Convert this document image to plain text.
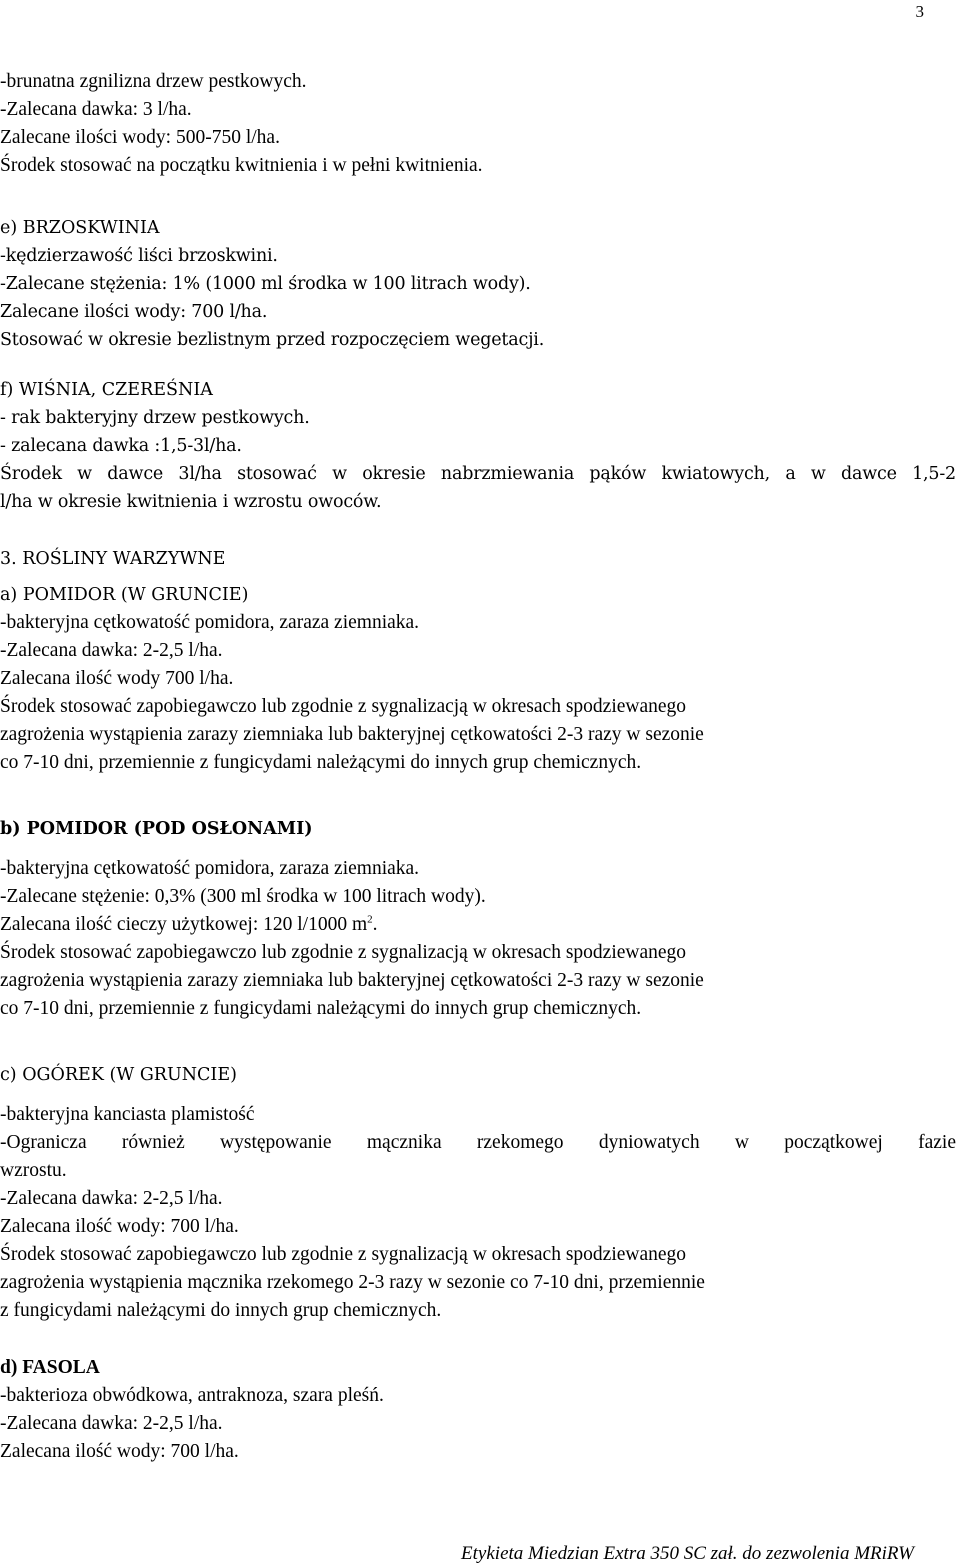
3

-brunatna zgnilizna drzew pestkowych.

-Zalecana dawka: 3 l/ha.

Zalecane ilości wody: 500-750 l/ha.

Środek stosować na początku kwitnienia i w pełni kwitnienia.

e) BRZOSKWINIA

-kędzierzawość liści brzoskwini.

-Zalecane stężenia: 1% (1000 ml środka w 100 litrach wody).

Zalecane ilości wody: 700 l/ha.

Stosować w okresie bezlistnym przed rozpoczęciem wegetacji.

f) WIŚNIA, CZEREŚNIA

- rak bakteryjny drzew pestkowych.

- zalecana dawka :1,5-3l/ha.

Środek w dawce 3l/ha stosować w okresie nabrzmiewania pąków kwiatowych, a w dawce 1,5-2

l/ha w okresie kwitnienia i wzrostu owoców.

3. ROŚLINY WARZYWNE
a) POMIDOR (W GRUNCIE)

-bakteryjna cętkowatość pomidora, zaraza ziemniaka.

-Zalecana dawka: 2-2,5 l/ha.

Zalecana ilość wody 700 l/ha.

Środek stosować zapobiegawczo lub zgodnie z sygnalizacją w okresach spodziewanego

zagrożenia wystąpienia zarazy ziemniaka lub bakteryjnej cętkowatości 2-3 razy w sezonie

co 7-10 dni, przemiennie z fungicydami należącymi do innych grup chemicznych.

b) POMIDOR (POD OSŁONAMI)

-bakteryjna cętkowatość pomidora, zaraza ziemniaka.

-Zalecane stężenie: 0,3% (300 ml środka w 100 litrach wody).

Zalecana ilość cieczy użytkowej: 120 l/1000 $m^2$.

Środek stosować zapobiegawczo lub zgodnie z sygnalizacją w okresach spodziewanego

zagrożenia wystąpienia zarazy ziemniaka lub bakteryjnej cętkowatości 2-3 razy w sezonie

co 7-10 dni, przemiennie z fungicydami należącymi do innych grup chemicznych.

c) OGÓREK (W GRUNCIE)

-bakteryjna kanciasta plamistość

-Ogranicza również występowanie mącznika rzekomego dyniowatych w początkowej fazie

wzrostu.

-Zalecana dawka: 2-2,5 l/ha.

Zalecana ilość wody: 700 l/ha.

Środek stosować zapobiegawczo lub zgodnie z sygnalizacją w okresach spodziewanego

zagrożenia wystąpienia mącznika rzekomego 2-3 razy w sezonie co 7-10 dni, przemiennie

z fungicydami należącymi do innych grup chemicznych.

d) FASOLA

-bakterioza obwódkowa, antraknoza, szara pleśń.

-Zalecana dawka: 2-2,5 l/ha.

Zalecana ilość wody: 700 l/ha.

Etykieta Miedzian Extra 350 SC zał. do zezwolenia MRiRW
